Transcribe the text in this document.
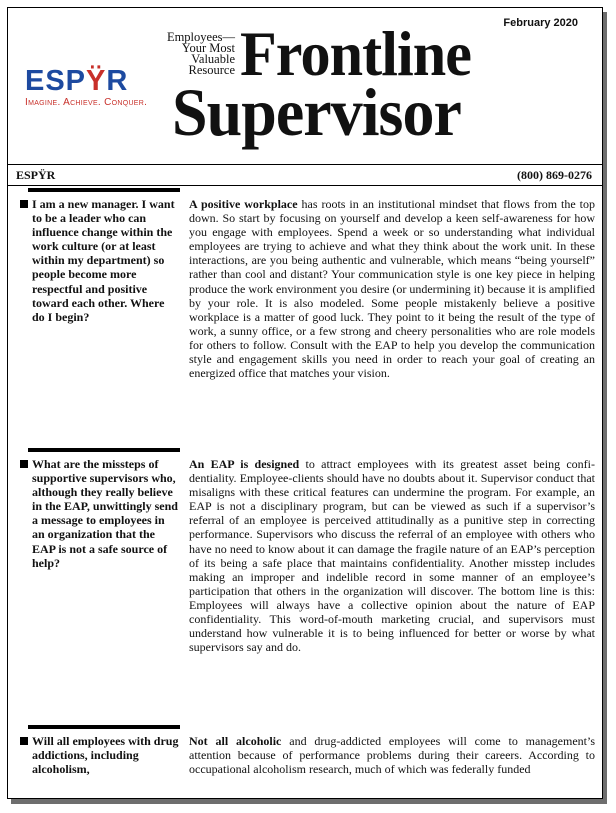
ESPŸR
Imagine. Achieve. Conquer.
Employees—
Your Most
Valuable
Resource
February 2020
Frontline
Supervisor
ESPŸR	(800) 869-0276
I am a new manager. I want to be a leader who can influence change within the work culture (or at least within my department) so people become more respectful and positive toward each other. Where do I begin?
A positive workplace has roots in an institutional mindset that flows from the top down. So start by focusing on yourself and develop a keen self-awareness for how you engage with employees. Spend a week or so understanding what individual employees are trying to achieve and what they think about the work unit. In these interactions, are you being authentic and vulnerable, which means “being yourself” rather than cool and distant? Your communication style is one key piece in helping produce the work environment you desire (or undermining it) because it is amplified by your role. It is also modeled. Some people mistakenly believe a positive workplace is a matter of good luck. They point to it being the result of the type of work, a sunny office, or a few strong and cheery personalities who are role models for others to follow. Consult with the EAP to help you develop the communication style and engagement skills you need in order to reach your goal of creating an energized office that matches your vision.
What are the missteps of supportive supervisors who, although they really believe in the EAP, unwittingly send a message to employees in an organization that the EAP is not a safe source of help?
An EAP is designed to attract employees with its greatest asset being confi-dentiality. Employee-clients should have no doubts about it. Supervisor conduct that misaligns with these critical features can undermine the program. For example, an EAP is not a disciplinary program, but can be viewed as such if a supervisor’s referral of an employee is perceived attitudinally as a punitive step in correcting performance. Supervisors who discuss the referral of an employee with others who have no need to know about it can damage the fragile nature of an EAP’s perception of its being a safe place that maintains confidentiality. Another misstep includes making an improper and indelible record in some manner of an employee’s participation that others in the organization will discover. The bottom line is this: Employees will always have a collective opinion about the nature of EAP confidentiality. This word-of-mouth marketing crucial, and supervisors must understand how vulnerable it is to being influenced for better or worse by what supervisors say and do.
Will all employees with drug addictions, including alcoholism,
Not all alcoholic and drug-addicted employees will come to management’s attention because of performance problems during their careers. According to occupational alcoholism research, much of which was federally funded
